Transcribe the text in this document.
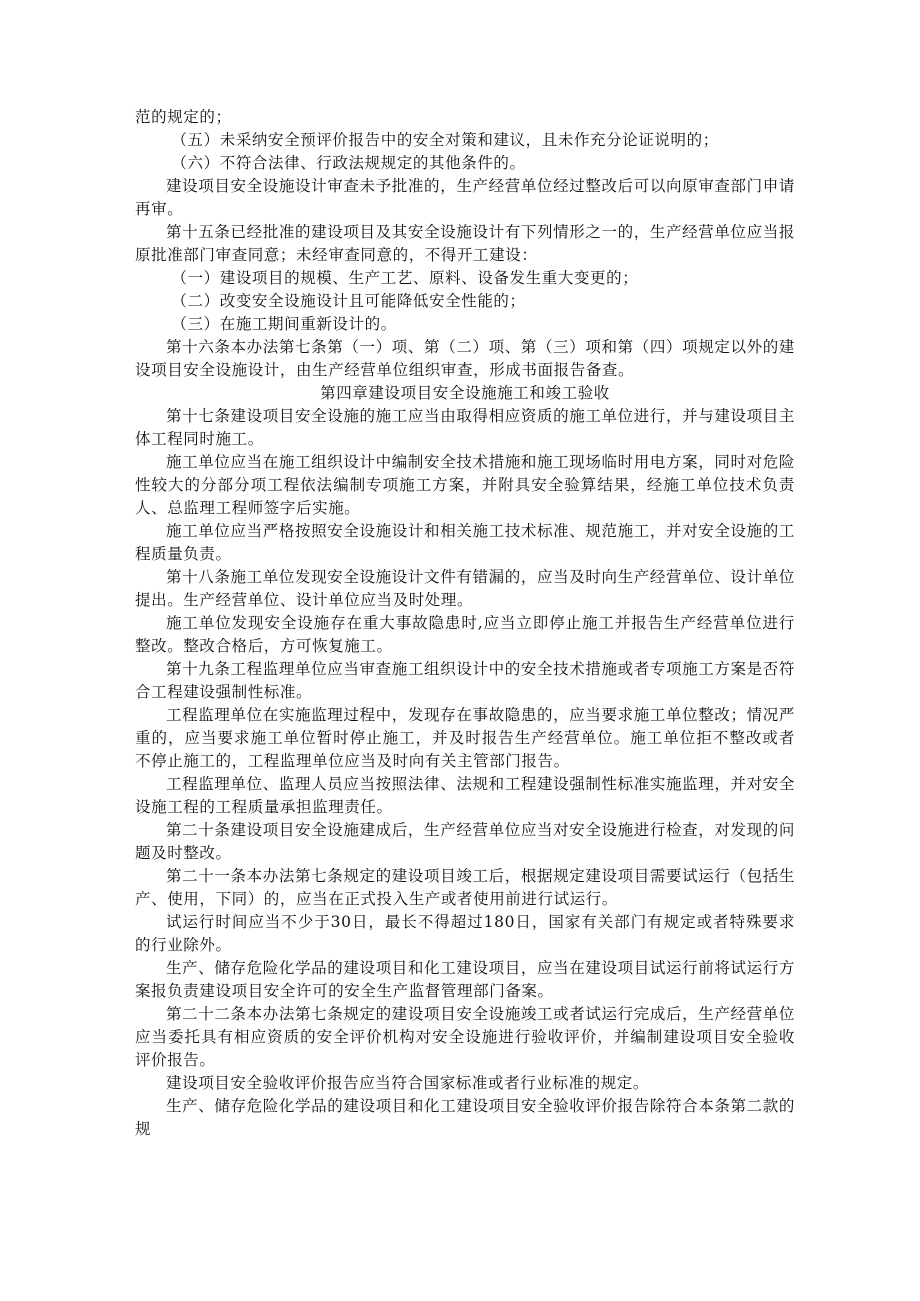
范的规定的；

（五）未采纳安全预评价报告中的安全对策和建议，且未作充分论证说明的；

（六）不符合法律、行政法规规定的其他条件的。

建设项目安全设施设计审查未予批准的，生产经营单位经过整改后可以向原审查部门申请再审。

第十五条已经批准的建设项目及其安全设施设计有下列情形之一的，生产经营单位应当报原批准部门审查同意；未经审查同意的，不得开工建设：

（一）建设项目的规模、生产工艺、原料、设备发生重大变更的；

（二）改变安全设施设计且可能降低安全性能的；

（三）在施工期间重新设计的。

第十六条本办法第七条第（一）项、第（二）项、第（三）项和第（四）项规定以外的建设项目安全设施设计，由生产经营单位组织审查，形成书面报告备查。

第四章建设项目安全设施施工和竣工验收

第十七条建设项目安全设施的施工应当由取得相应资质的施工单位进行，并与建设项目主体工程同时施工。

施工单位应当在施工组织设计中编制安全技术措施和施工现场临时用电方案，同时对危险性较大的分部分项工程依法编制专项施工方案，并附具安全验算结果，经施工单位技术负责人、总监理工程师签字后实施。

施工单位应当严格按照安全设施设计和相关施工技术标准、规范施工，并对安全设施的工程质量负责。

第十八条施工单位发现安全设施设计文件有错漏的，应当及时向生产经营单位、设计单位提出。生产经营单位、设计单位应当及时处理。

施工单位发现安全设施存在重大事故隐患时,应当立即停止施工并报告生产经营单位进行整改。整改合格后，方可恢复施工。

第十九条工程监理单位应当审查施工组织设计中的安全技术措施或者专项施工方案是否符合工程建设强制性标准。

工程监理单位在实施监理过程中，发现存在事故隐患的，应当要求施工单位整改；情况严重的，应当要求施工单位暂时停止施工，并及时报告生产经营单位。施工单位拒不整改或者不停止施工的，工程监理单位应当及时向有关主管部门报告。

工程监理单位、监理人员应当按照法律、法规和工程建设强制性标准实施监理，并对安全设施工程的工程质量承担监理责任。

第二十条建设项目安全设施建成后，生产经营单位应当对安全设施进行检查，对发现的问题及时整改。

第二十一条本办法第七条规定的建设项目竣工后，根据规定建设项目需要试运行（包括生产、使用，下同）的，应当在正式投入生产或者使用前进行试运行。

试运行时间应当不少于30日，最长不得超过180日，国家有关部门有规定或者特殊要求的行业除外。

生产、储存危险化学品的建设项目和化工建设项目，应当在建设项目试运行前将试运行方案报负责建设项目安全许可的安全生产监督管理部门备案。

第二十二条本办法第七条规定的建设项目安全设施竣工或者试运行完成后，生产经营单位应当委托具有相应资质的安全评价机构对安全设施进行验收评价，并编制建设项目安全验收评价报告。

建设项目安全验收评价报告应当符合国家标准或者行业标准的规定。

生产、储存危险化学品的建设项目和化工建设项目安全验收评价报告除符合本条第二款的规
